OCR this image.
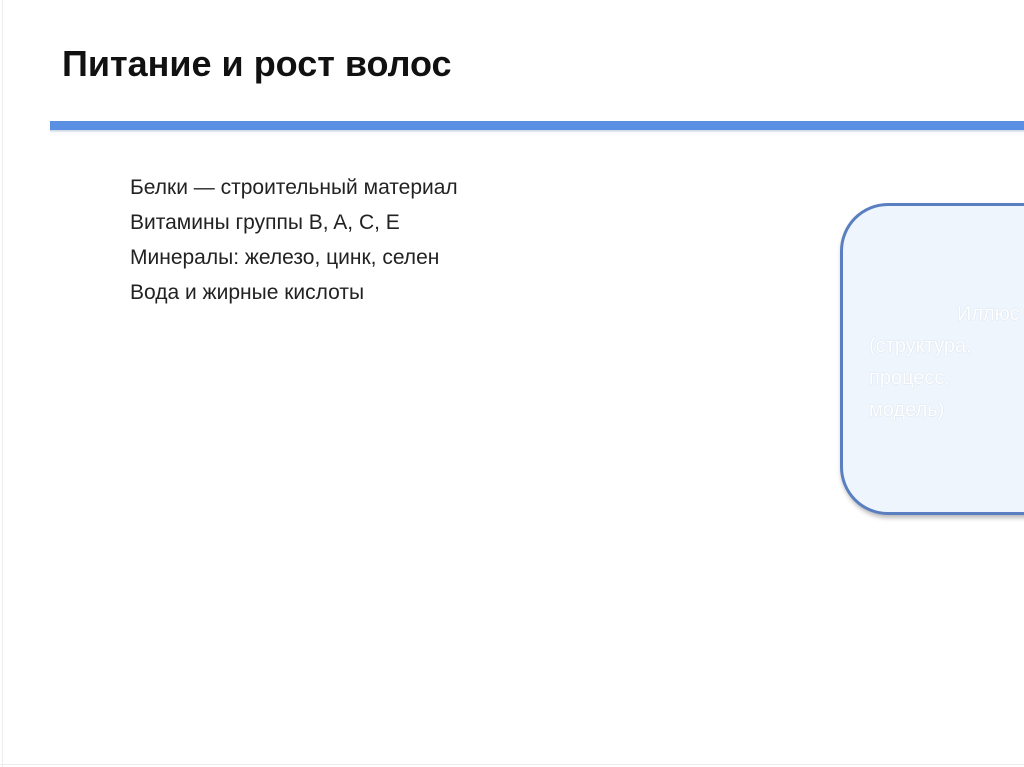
Питание и рост волос
Белки — строительный материал
Витамины группы B, A, C, E
Минералы: железо, цинк, селен
Вода и жирные кислоты
Иллюс
(структура,
процесс,
модель)
